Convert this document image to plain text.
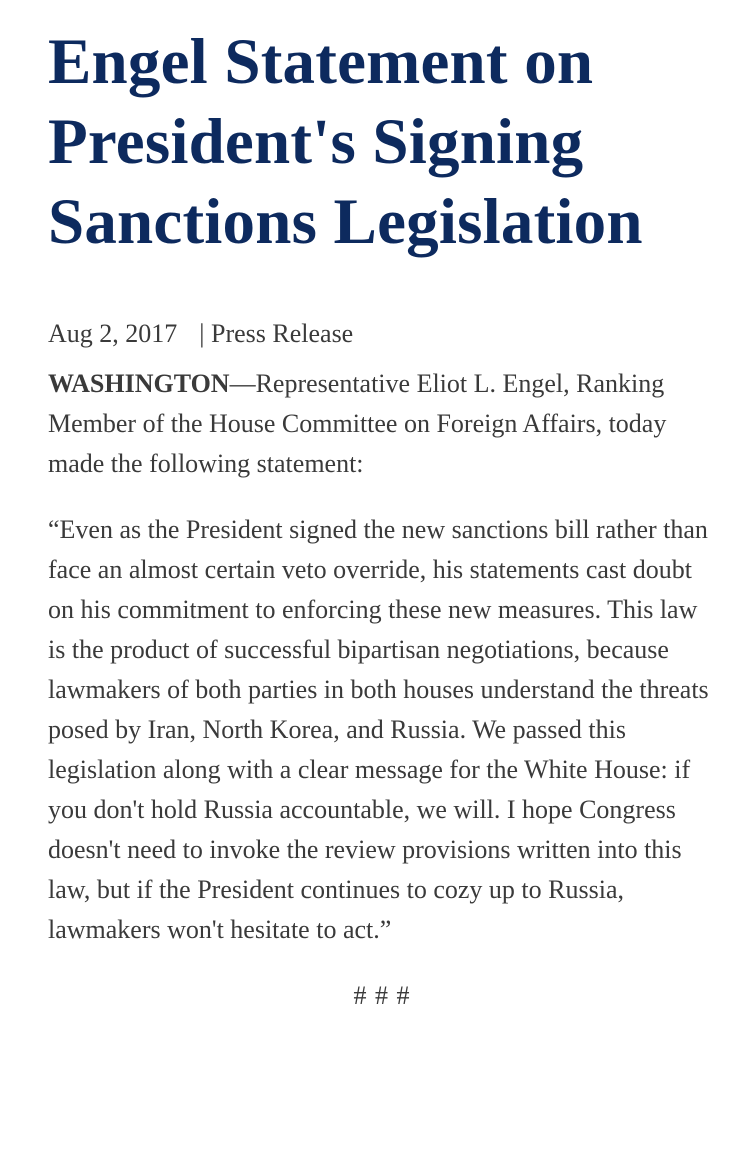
Engel Statement on President's Signing Sanctions Legislation
Aug 2, 2017 | Press Release

WASHINGTON—Representative Eliot L. Engel, Ranking Member of the House Committee on Foreign Affairs, today made the following statement:

“Even as the President signed the new sanctions bill rather than face an almost certain veto override, his statements cast doubt on his commitment to enforcing these new measures. This law is the product of successful bipartisan negotiations, because lawmakers of both parties in both houses understand the threats posed by Iran, North Korea, and Russia. We passed this legislation along with a clear message for the White House: if you don't hold Russia accountable, we will. I hope Congress doesn't need to invoke the review provisions written into this law, but if the President continues to cozy up to Russia, lawmakers won't hesitate to act.”

# # #
